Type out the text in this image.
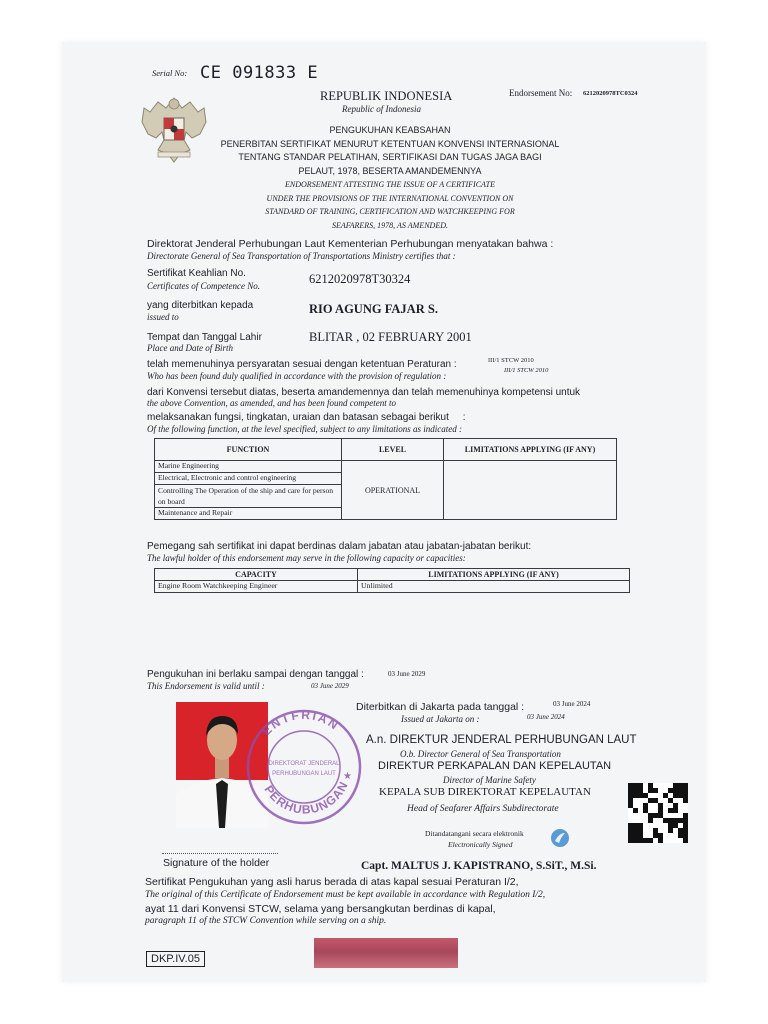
Serial No: CE 091833 E
Endorsement No: 6212020978TC0324
REPUBLIK INDONESIA
Republic of Indonesia
PENGUKUHAN KEABSAHAN
PENERBITAN SERTIFIKAT MENURUT KETENTUAN KONVENSI INTERNASIONAL
TENTANG STANDAR PELATIHAN, SERTIFIKASI DAN TUGAS JAGA BAGI
PELAUT, 1978, BESERTA AMANDEMENNYA
ENDORSEMENT ATTESTING THE ISSUE OF A CERTIFICATE
UNDER THE PROVISIONS OF THE INTERNATIONAL CONVENTION ON
STANDARD OF TRAINING, CERTIFICATION AND WATCHKEEPING FOR
SEAFARERS, 1978, AS AMENDED.
Direktorat Jenderal Perhubungan Laut Kementerian Perhubungan menyatakan bahwa :
Directorate General of Sea Transportation of Transportations Ministry certifies that :
Sertifikat Keahlian No.
Certificates of Competence No.	6212020978T30324
yang diterbitkan kepada
issued to
RIO AGUNG FAJAR S.
Tempat dan Tanggal Lahir
Place and Date of Birth
BLITAR , 02 FEBRUARY 2001
telah memenuhinya persyaratan sesuai dengan ketentuan Peraturan :
Who has been found duly qualified in accordance with the provision of regulation :
III/1 STCW 2010
III/1 STCW 2010
dari Konvensi tersebut diatas, beserta amandemennya dan telah memenuhinya kompetensi untuk
the above Convention, as amended, and has been found competent to
melaksanakan fungsi, tingkatan, uraian dan batasan sebagai berikut     :
Of the following function, at the level specified, subject to any limitations as indicated :
FUNCTION	LEVEL	LIMITATIONS APPLYING (IF ANY)
Marine Engineering	OPERATIONAL	
Electrical, Electronic and control engineering		
Controlling The Operation of the ship and care for person on board		
Maintenance and Repair		
Pemegang sah sertifikat ini dapat berdinas dalam jabatan atau jabatan-jabatan berikut:
The lawful holder of this endorsement may serve in the following capacity or capacities:
CAPACITY	LIMITATIONS APPLYING (IF ANY)
Engine Room Watchkeeping Engineer	Unlimited
Pengukuhan ini berlaku sampai dengan tanggal :
This Endorsement is valid until :
03 June 2029
03 June 2029
Diterbitkan di Jakarta pada tanggal :
Issued at Jakarta on :
03 June 2024
03 June 2024
ENTFRIAN
PERHUBUNGAN
DIREKTORAT JENDERAL
PERHUBUNGAN LAUT ★
A.n. DIREKTUR JENDERAL PERHUBUNGAN LAUT
O.b. Director General of Sea Transportation
DIREKTUR PERKAPALAN DAN KEPELAUTAN
Director of Marine Safety
KEPALA SUB DIREKTORAT KEPELAUTAN
Head of Seafarer Affairs Subdirectorate
Ditandatangani secara elektronik
Electronically Signed
Capt. MALTUS J. KAPISTRANO, S.SiT., M.Si.
Signature of the holder
Sertifikat Pengukuhan yang asli harus berada di atas kapal sesuai Peraturan I/2,
The original of this Certificate of Endorsement must be kept available in accordance with Regulation I/2,
ayat 11 dari Konvensi STCW, selama yang bersangkutan berdinas di kapal,
paragraph 11 of the STCW Convention while serving on a ship.
DKP.IV.05
